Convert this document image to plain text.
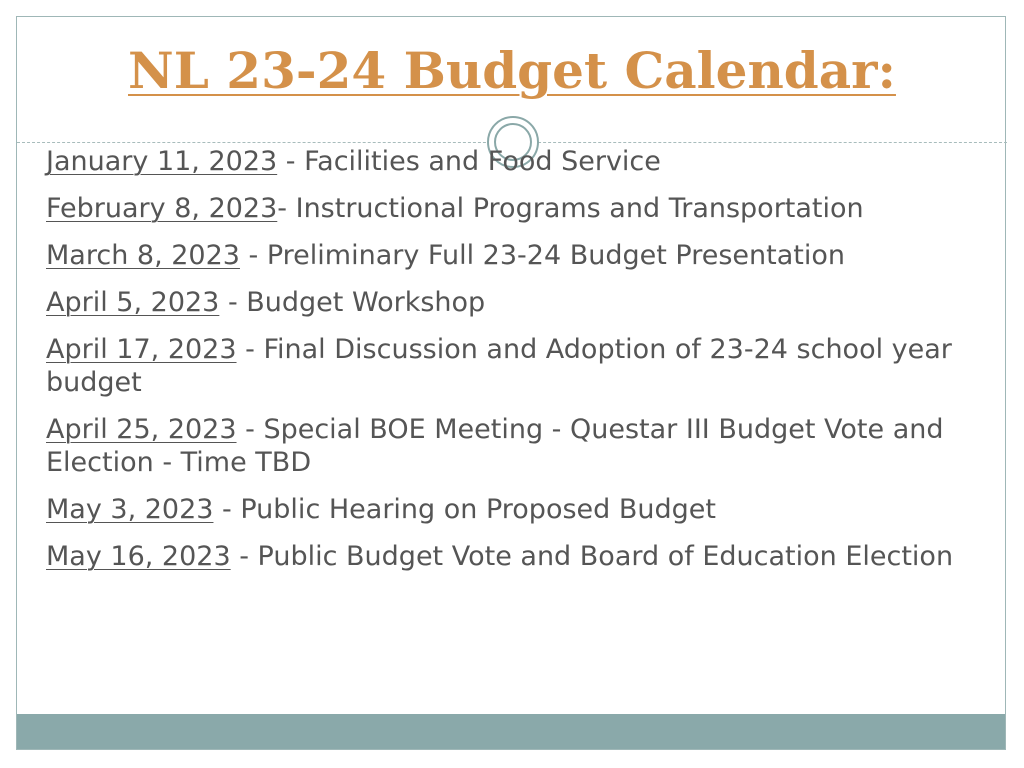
NL 23-24 Budget Calendar:
January 11, 2023 - Facilities and Food Service
February 8, 2023- Instructional Programs and Transportation
March 8, 2023 - Preliminary Full 23-24 Budget Presentation
April 5, 2023 - Budget Workshop
April 17, 2023 - Final Discussion and Adoption of 23-24 school year budget
April 25, 2023 - Special BOE Meeting - Questar III Budget Vote and Election - Time TBD
May 3, 2023 - Public Hearing on Proposed Budget
May 16, 2023 - Public Budget Vote and Board of Education Election
